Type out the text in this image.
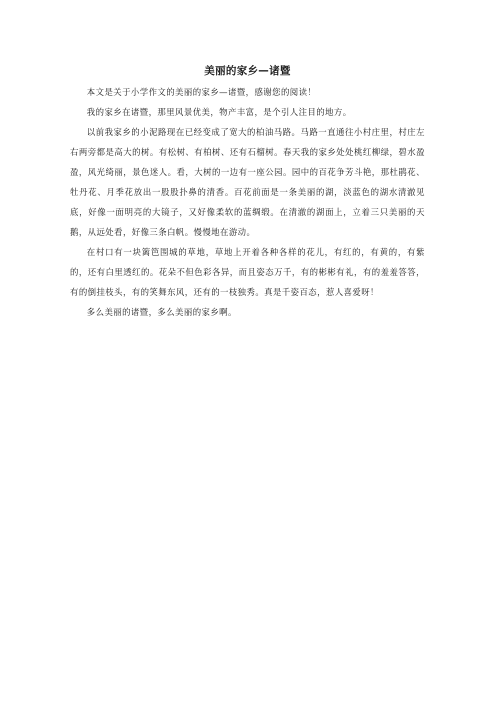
美丽的家乡—诸暨

本文是关于小学作文的美丽的家乡—诸暨，感谢您的阅读！

我的家乡在诸暨，那里风景优美，物产丰富，是个引人注目的地方。

以前我家乡的小泥路现在已经变成了宽大的柏油马路。马路一直通往小村庄里，村庄左右两旁都是高大的树。有松树、有柏树、还有石榴树。春天我的家乡处处桃红柳绿，碧水盈盈，风光绮丽，景色迷人。看，大树的一边有一座公园。园中的百花争芳斗艳，那杜鹃花、牡丹花、月季花放出一股股扑鼻的清香。百花前面是一条美丽的湖，淡蓝色的湖水清澈见底，好像一面明亮的大镜子，又好像柔软的蓝绸缎。在清澈的湖面上，立着三只美丽的天鹅，从远处看，好像三条白帆。慢慢地在游动。

在村口有一块篱笆围城的草地，草地上开着各种各样的花儿，有红的，有黄的，有紫的，还有白里透红的。花朵不但色彩各异，而且姿态万千，有的彬彬有礼，有的羞羞答答，有的倒挂枝头，有的笑舞东风，还有的一枝独秀。真是千姿百态，惹人喜爱呀！

多么美丽的诸暨，多么美丽的家乡啊。
